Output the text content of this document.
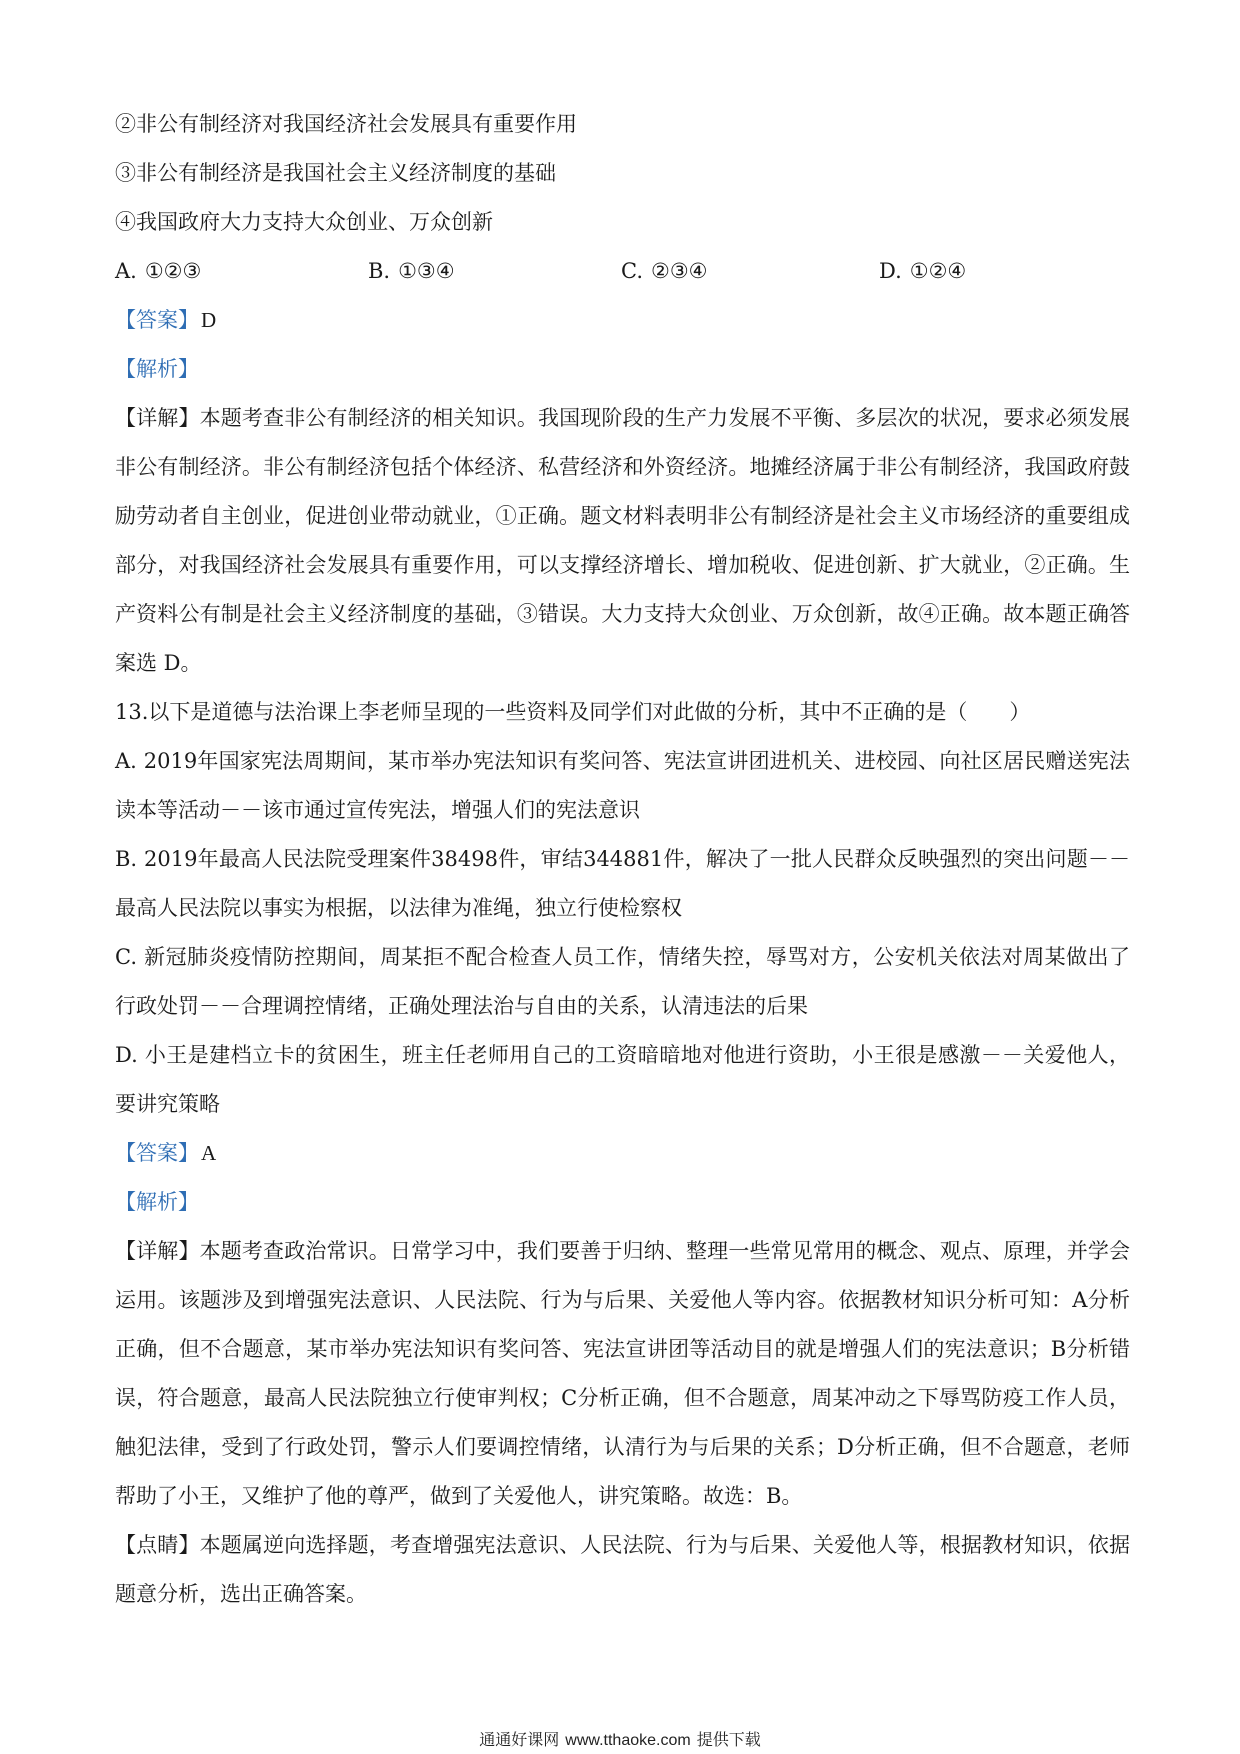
②非公有制经济对我国经济社会发展具有重要作用

③非公有制经济是我国社会主义经济制度的基础

④我国政府大力支持大众创业、万众创新

A. ①②③	B. ①③④	C. ②③④	D. ①②④

【答案】D

【解析】

【详解】本题考查非公有制经济的相关知识。我国现阶段的生产力发展不平衡、多层次的状况，要求必须发展非公有制经济。非公有制经济包括个体经济、私营经济和外资经济。地摊经济属于非公有制经济，我国政府鼓励劳动者自主创业，促进创业带动就业，①正确。题文材料表明非公有制经济是社会主义市场经济的重要组成部分，对我国经济社会发展具有重要作用，可以支撑经济增长、增加税收、促进创新、扩大就业，②正确。生产资料公有制是社会主义经济制度的基础，③错误。大力支持大众创业、万众创新，故④正确。故本题正确答案选 D。

13.以下是道德与法治课上李老师呈现的一些资料及同学们对此做的分析，其中不正确的是（　　）

A. 2019年国家宪法周期间，某市举办宪法知识有奖问答、宪法宣讲团进机关、进校园、向社区居民赠送宪法读本等活动－－该市通过宣传宪法，增强人们的宪法意识

B. 2019年最高人民法院受理案件38498件，审结344881件，解决了一批人民群众反映强烈的突出问题－－最高人民法院以事实为根据，以法律为准绳，独立行使检察权

C. 新冠肺炎疫情防控期间，周某拒不配合检查人员工作，情绪失控，辱骂对方，公安机关依法对周某做出了行政处罚－－合理调控情绪，正确处理法治与自由的关系，认清违法的后果

D. 小王是建档立卡的贫困生，班主任老师用自己的工资暗暗地对他进行资助，小王很是感激－－关爱他人，要讲究策略

【答案】A

【解析】

【详解】本题考查政治常识。日常学习中，我们要善于归纳、整理一些常见常用的概念、观点、原理，并学会运用。该题涉及到增强宪法意识、人民法院、行为与后果、关爱他人等内容。依据教材知识分析可知：A分析正确，但不合题意，某市举办宪法知识有奖问答、宪法宣讲团等活动目的就是增强人们的宪法意识；B分析错误，符合题意，最高人民法院独立行使审判权；C分析正确，但不合题意，周某冲动之下辱骂防疫工作人员，触犯法律，受到了行政处罚，警示人们要调控情绪，认清行为与后果的关系；D分析正确，但不合题意，老师帮助了小王，又维护了他的尊严，做到了关爱他人，讲究策略。故选：B。

【点睛】本题属逆向选择题，考查增强宪法意识、人民法院、行为与后果、关爱他人等，根据教材知识，依据题意分析，选出正确答案。

通通好课网 www.tthaoke.com 提供下载
